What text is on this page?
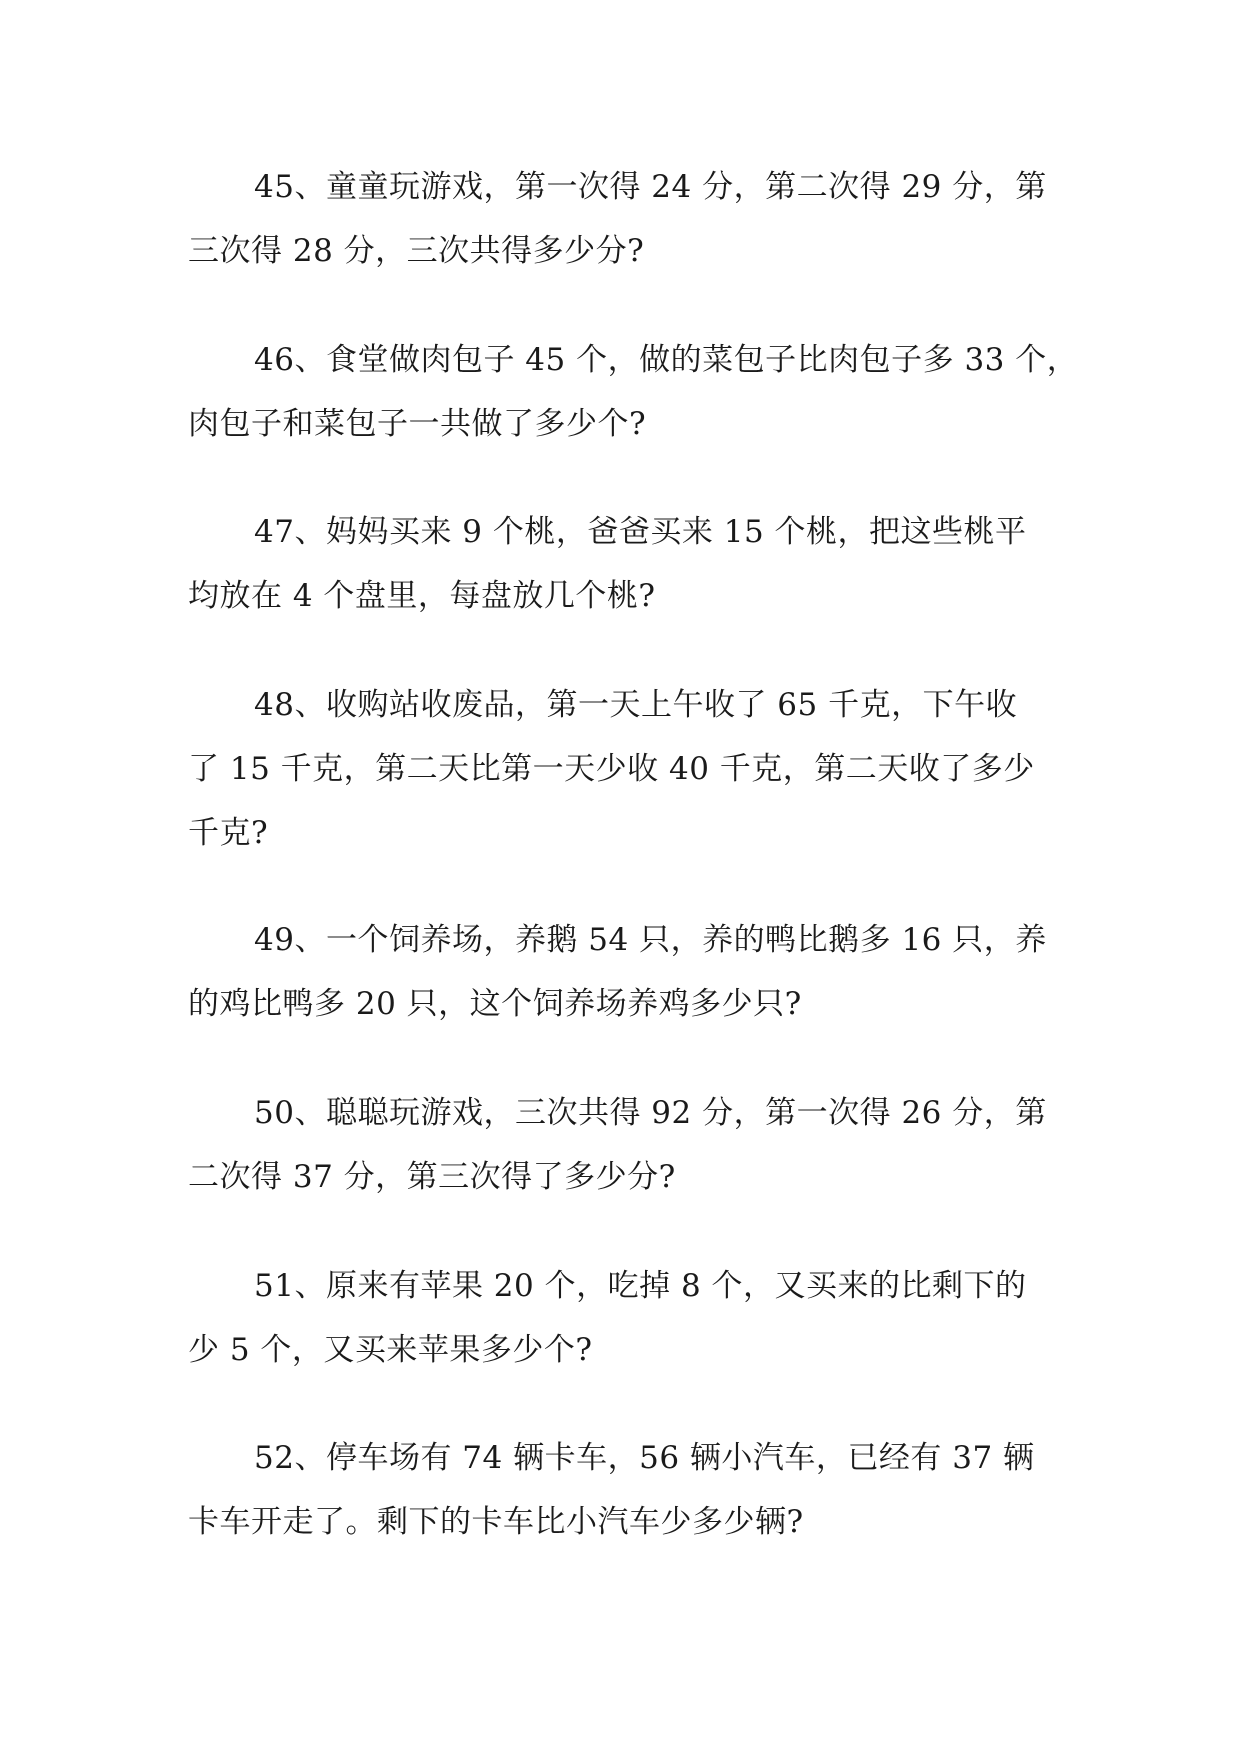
45、童童玩游戏，第一次得 24 分，第二次得 29 分，第
三次得 28 分，三次共得多少分?
46、食堂做肉包子 45 个，做的菜包子比肉包子多 33 个，
肉包子和菜包子一共做了多少个?
47、妈妈买来 9 个桃，爸爸买来 15 个桃，把这些桃平
均放在 4 个盘里，每盘放几个桃?
48、收购站收废品，第一天上午收了 65 千克，下午收
了 15 千克，第二天比第一天少收 40 千克，第二天收了多少
千克?
49、一个饲养场，养鹅 54 只，养的鸭比鹅多 16 只，养
的鸡比鸭多 20 只，这个饲养场养鸡多少只?
50、聪聪玩游戏，三次共得 92 分，第一次得 26 分，第
二次得 37 分，第三次得了多少分?
51、原来有苹果 20 个，吃掉 8 个，又买来的比剩下的
少 5 个，又买来苹果多少个?
52、停车场有 74 辆卡车，56 辆小汽车，已经有 37 辆
卡车开走了。剩下的卡车比小汽车少多少辆?
